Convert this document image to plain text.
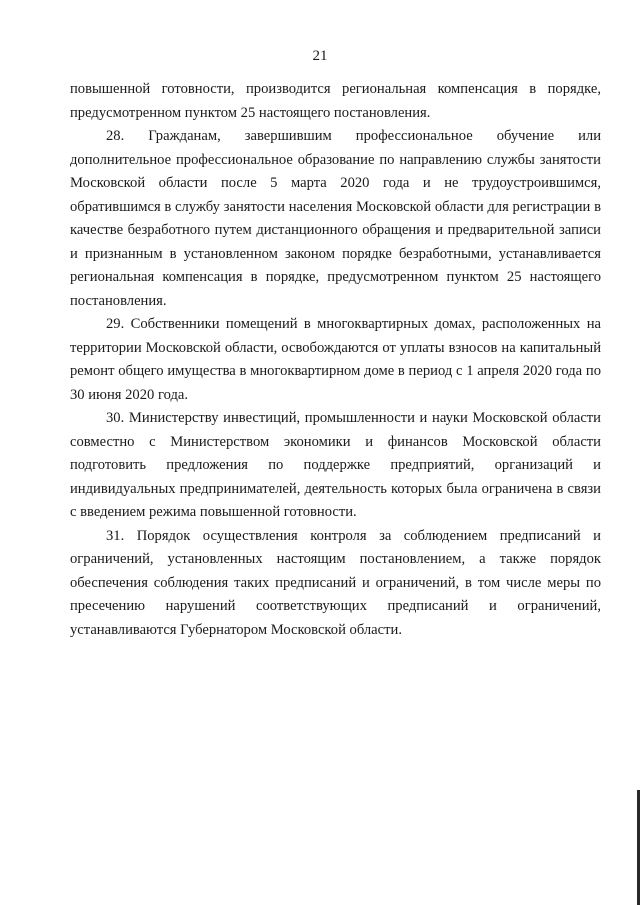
21

повышенной готовности, производится региональная компенсация в порядке, предусмотренном пунктом 25 настоящего постановления.

28. Гражданам, завершившим профессиональное обучение или дополнительное профессиональное образование по направлению службы занятости Московской области после 5 марта 2020 года и не трудоустроившимся, обратившимся в службу занятости населения Московской области для регистрации в качестве безработного путем дистанционного обращения и предварительной записи и признанным в установленном законом порядке безработными, устанавливается региональная компенсация в порядке, предусмотренном пунктом 25 настоящего постановления.

29. Собственники помещений в многоквартирных домах, расположенных на территории Московской области, освобождаются от уплаты взносов на капитальный ремонт общего имущества в многоквартирном доме в период с 1 апреля 2020 года по 30 июня 2020 года.

30. Министерству инвестиций, промышленности и науки Московской области совместно с Министерством экономики и финансов Московской области подготовить предложения по поддержке предприятий, организаций и индивидуальных предпринимателей, деятельность которых была ограничена в связи с введением режима повышенной готовности.

31. Порядок осуществления контроля за соблюдением предписаний и ограничений, установленных настоящим постановлением, а также порядок обеспечения соблюдения таких предписаний и ограничений, в том числе меры по пресечению нарушений соответствующих предписаний и ограничений, устанавливаются Губернатором Московской области.
